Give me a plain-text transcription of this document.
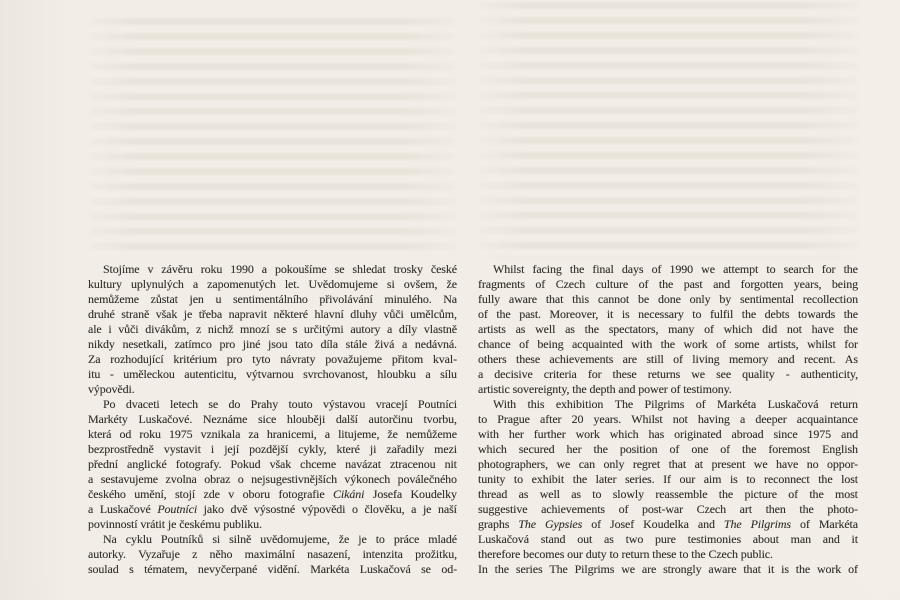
Stojíme v závěru roku 1990 a pokoušíme se shledat trosky české
kultury uplynulých a zapomenutých let. Uvědomujeme si ovšem, že
nemůžeme zůstat jen u sentimentálního přivolávání minulého. Na
druhé straně však je třeba napravit některé hlavní dluhy vůči umělcům,
ale i vůči divákům, z nichž mnozí se s určitými autory a díly vlastně
nikdy nesetkali, zatímco pro jiné jsou tato díla stále živá a nedávná.
Za rozhodující kritérium pro tyto návraty považujeme přitom kval-
itu - uměleckou autenticitu, výtvarnou svrchovanost, hloubku a sílu
výpovědi.
Po dvaceti letech se do Prahy touto výstavou vracejí Poutníci
Markéty Luskačové. Neznáme sice hlouběji další autorčinu tvorbu,
která od roku 1975 vznikala za hranicemi, a litujeme, že nemůžeme
bezprostředně vystavit i její pozdější cykly, které ji zařadily mezi
přední anglické fotografy. Pokud však chceme navázat ztracenou nit
a sestavujeme zvolna obraz o nejsugestivnějších výkonech poválečného
českého umění, stojí zde v oboru fotografie Cikáni Josefa Koudelky
a Luskačové Poutníci jako dvě výsostné výpovědi o člověku, a je naší
povinností vrátit je českému publiku.
Na cyklu Poutníků si silně uvědomujeme, že je to práce mladé
autorky. Vyzařuje z něho maximální nasazení, intenzita prožitku,
soulad s tématem, nevyčerpané vidění. Markéta Luskačová se od-
Whilst facing the final days of 1990 we attempt to search for the
fragments of Czech culture of the past and forgotten years, being
fully aware that this cannot be done only by sentimental recollection
of the past. Moreover, it is necessary to fulfil the debts towards the
artists as well as the spectators, many of which did not have the
chance of being acquainted with the work of some artists, whilst for
others these achievements are still of living memory and recent. As
a decisive criteria for these returns we see quality - authenticity,
artistic sovereignty, the depth and power of testimony.
With this exhibition The Pilgrims of Markéta Luskačová return
to Prague after 20 years. Whilst not having a deeper acquaintance
with her further work which has originated abroad since 1975 and
which secured her the position of one of the foremost English
photographers, we can only regret that at present we have no oppor-
tunity to exhibit the later series. If our aim is to reconnect the lost
thread as well as to slowly reassemble the picture of the most
suggestive achievements of post-war Czech art then the photo-
graphs The Gypsies of Josef Koudelka and The Pilgrims of Markéta
Luskačová stand out as two pure testimonies about man and it
therefore becomes our duty to return these to the Czech public.
In the series The Pilgrims we are strongly aware that it is the work of
